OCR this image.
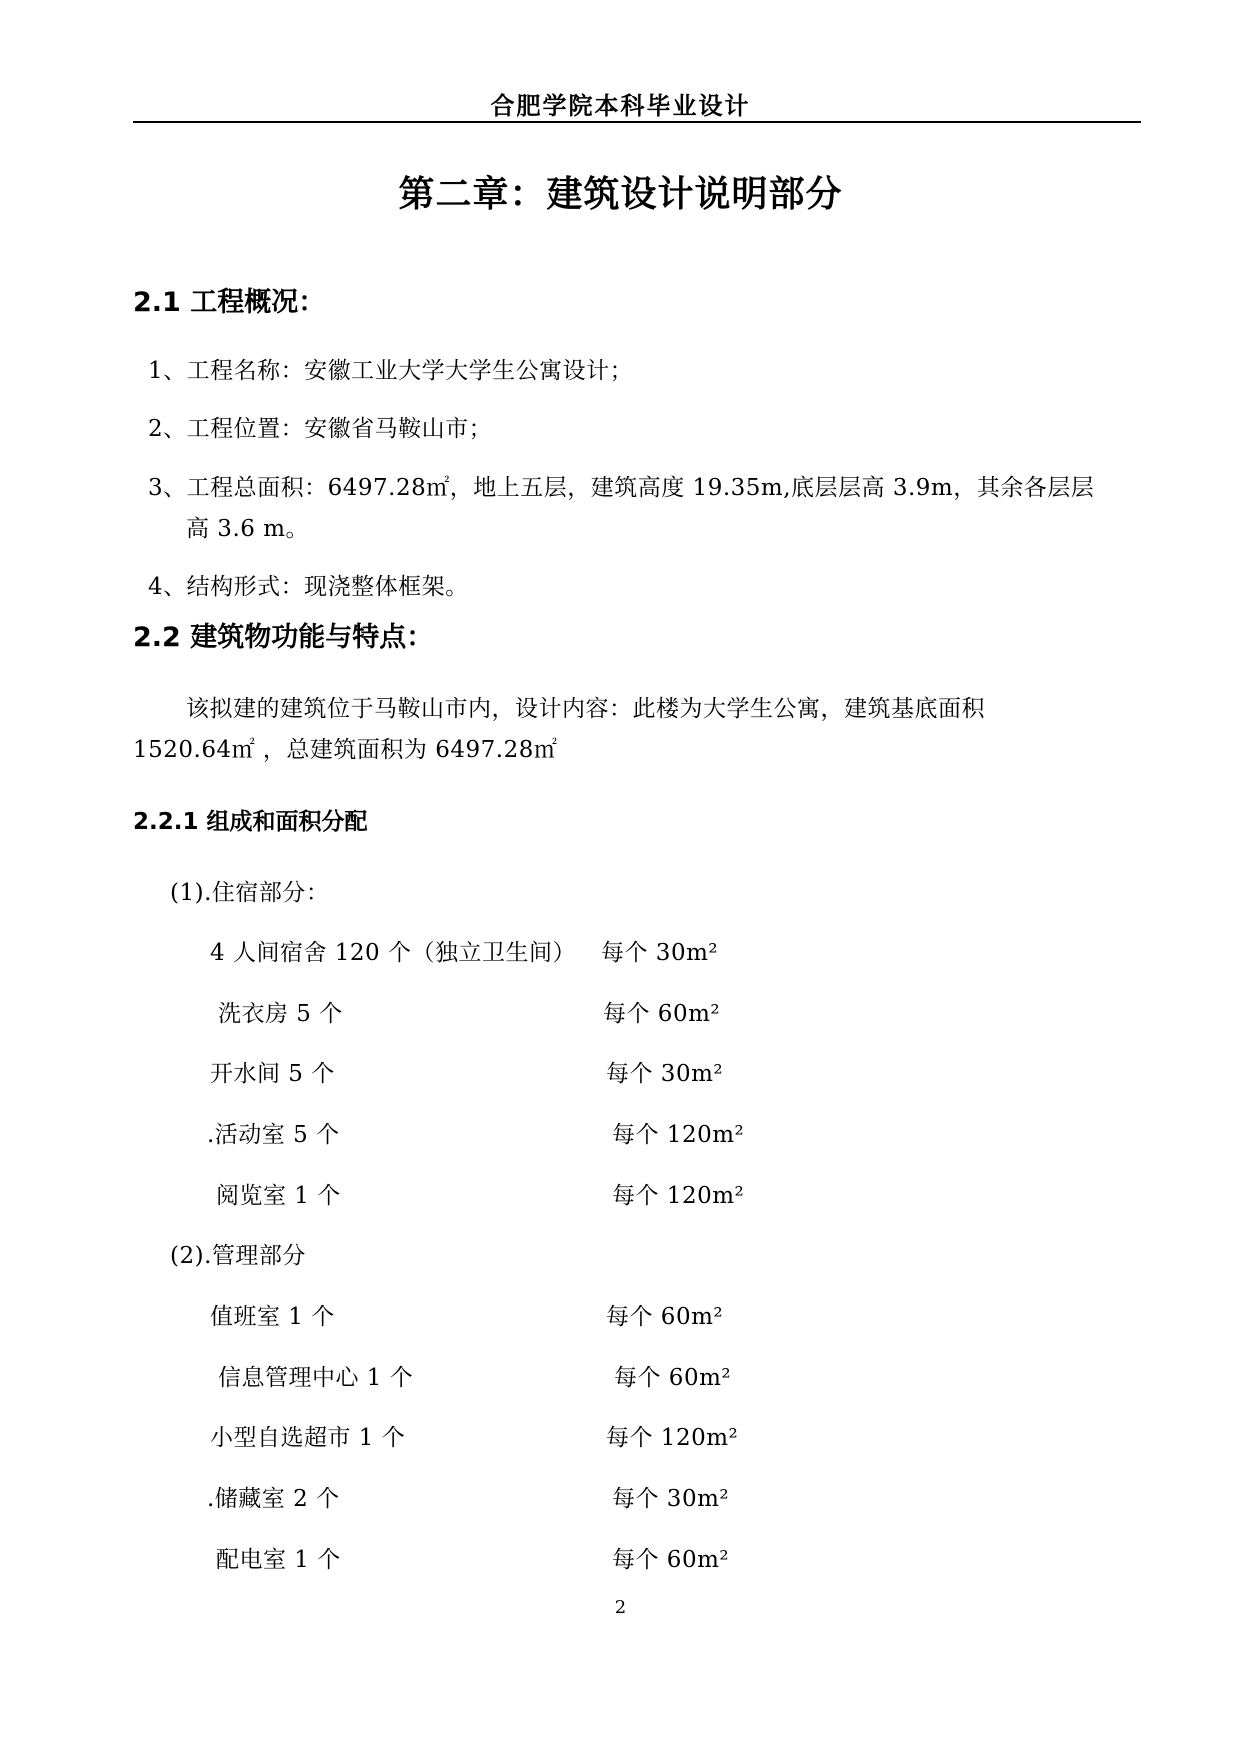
合肥学院本科毕业设计
第二章：建筑设计说明部分
2.1 工程概况：
1、工程名称：安徽工业大学大学生公寓设计；
2、工程位置：安徽省马鞍山市；
3、工程总面积：6497.28㎡，地上五层，建筑高度 19.35m,底层层高 3.9m，其余各层层
高 3.6 m。
4、结构形式：现浇整体框架。
2.2 建筑物功能与特点：
该拟建的建筑位于马鞍山市内，设计内容：此楼为大学生公寓，建筑基底面积
1520.64㎡ ，总建筑面积为 6497.28㎡
2.2.1 组成和面积分配
(1).住宿部分：
4 人间宿舍 120 个（独立卫生间） 每个 30m²
洗衣房 5 个	每个 60m²
开水间 5 个	每个 30m²
.活动室 5 个	每个 120m²
阅览室 1 个	每个 120m²
(2).管理部分
值班室 1 个	每个 60m²
信息管理中心 1 个	每个 60m²
小型自选超市 1 个	每个 120m²
.储藏室 2 个	每个 30m²
配电室 1 个	每个 60m²
2
